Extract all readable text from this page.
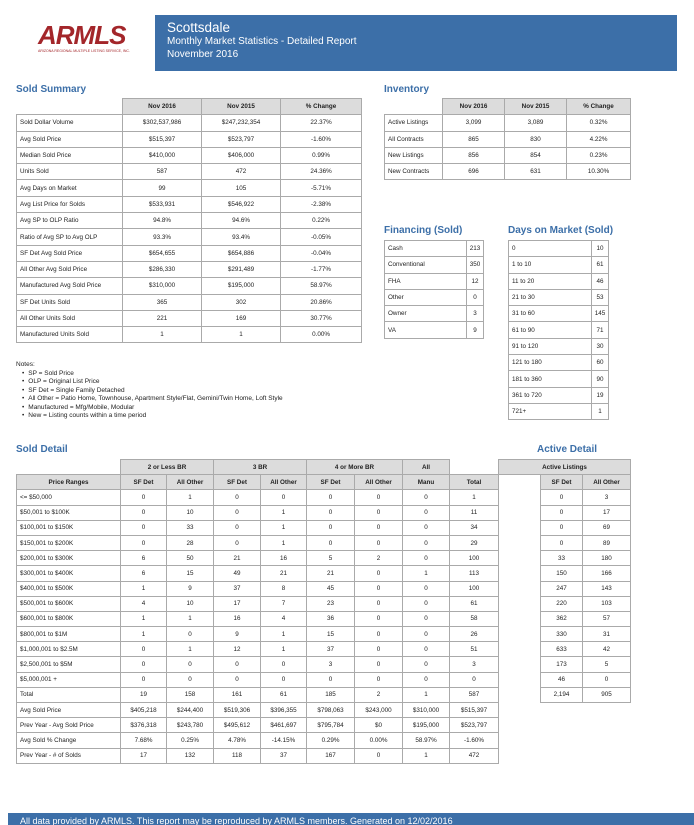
ARMLS
ARIZONA REGIONAL MULTIPLE LISTING SERVICE, INC.
Scottsdale
Monthly Market Statistics - Detailed Report
November 2016
Sold Summary
	Nov 2016	Nov 2015	% Change
Sold Dollar Volume	$302,537,986	$247,232,354	22.37%
Avg Sold Price	$515,397	$523,797	-1.60%
Median Sold Price	$410,000	$406,000	0.99%
Units Sold	587	472	24.36%
Avg Days on Market	99	105	-5.71%
Avg List Price for Solds	$533,931	$546,922	-2.38%
Avg SP to OLP Ratio	94.8%	94.6%	0.22%
Ratio of Avg SP to Avg OLP	93.3%	93.4%	-0.05%
SF Det Avg Sold Price	$654,655	$654,886	-0.04%
All Other Avg Sold Price	$286,330	$291,489	-1.77%
Manufactured Avg Sold Price	$310,000	$195,000	58.97%
SF Det Units Sold	365	302	20.86%
All Other Units Sold	221	169	30.77%
Manufactured Units Sold	1	1	0.00%
Inventory
	Nov 2016	Nov 2015	% Change
Active Listings	3,099	3,089	0.32%
All Contracts	865	830	4.22%
New Listings	856	854	0.23%
New Contracts	696	631	10.30%
Financing (Sold)
Cash	213
Conventional	350
FHA	12
Other	0
Owner	3
VA	9
Days on Market (Sold)
0	10
1 to 10	61
11 to 20	46
21 to 30	53
31 to 60	145
61 to 90	71
91 to 120	30
121 to 180	60
181 to 360	90
361 to 720	19
721+	1
Notes:
• SP = Sold Price
• OLP = Original List Price
• SF Det = Single Family Detached
• All Other = Patio Home, Townhouse, Apartment Style/Flat, Gemini/Twin Home, Loft Style
• Manufactured = Mfg/Mobile, Modular
• New = Listing counts within a time period
Sold Detail	Active Detail
	2 or Less BR		3 BR		4 or More BR		All		Active Listings			
Price Ranges	SF Det	All Other	SF Det	All Other	SF Det	All Other	Manu	Total		SF Det	All Other	
<= $50,000	0	1	0	0	0	0	0	1		0	3	
$50,001 to $100K	0	10	0	1	0	0	0	11		0	17	
$100,001 to $150K	0	33	0	1	0	0	0	34		0	69	
$150,001 to $200K	0	28	0	1	0	0	0	29		0	89	
$200,001 to $300K	6	50	21	16	5	2	0	100		33	180	
$300,001 to $400K	6	15	49	21	21	0	1	113		150	166	
$400,001 to $500K	1	9	37	8	45	0	0	100		247	143	
$500,001 to $600K	4	10	17	7	23	0	0	61		220	103	
$600,001 to $800K	1	1	16	4	36	0	0	58		362	57	
$800,001 to $1M	1	0	9	1	15	0	0	26		330	31	
$1,000,001 to $2.5M	0	1	12	1	37	0	0	51		633	42	
$2,500,001 to $5M	0	0	0	0	3	0	0	3		173	5	
$5,000,001 +	0	0	0	0	0	0	0	0		46	0	
Total	19	158	161	61	185	2	1	587		2,194	905	
Avg Sold Price	$405,218	$244,400	$519,306	$396,355	$798,063	$243,000	$310,000	$515,397				
Prev Year - Avg Sold Price	$376,318	$243,780	$495,612	$461,697	$795,784	$0	$195,000	$523,797				
Avg Sold % Change	7.68%	0.25%	4.78%	-14.15%	0.29%	0.00%	58.97%	-1.60%				
Prev Year - # of Solds	17	132	118	37	167	0	1	472				
All data provided by ARMLS. This report may be reproduced by ARMLS members. Generated on 12/02/2016
